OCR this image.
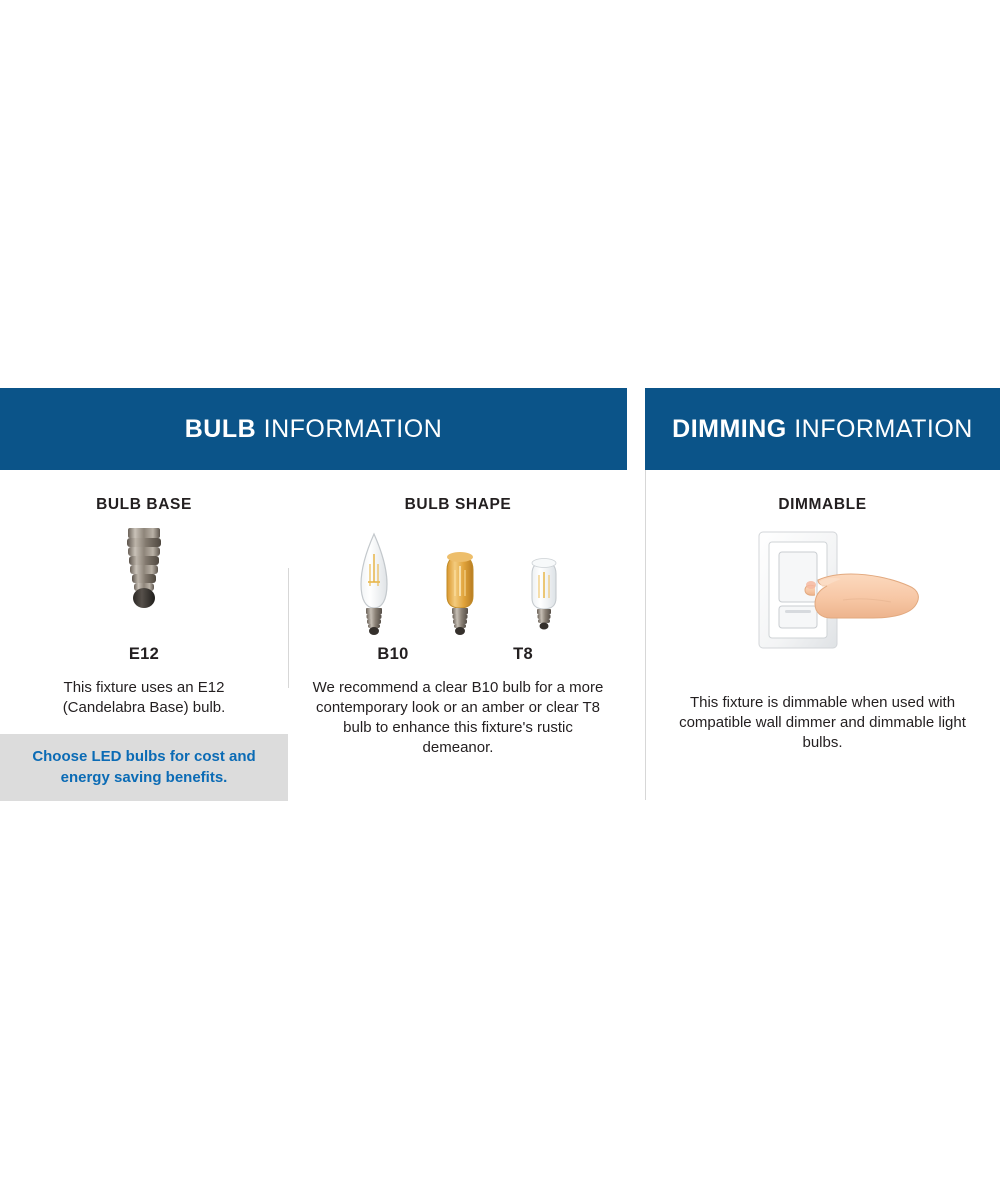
BULB INFORMATION	DIMMING INFORMATION
BULB BASE
E12
This fixture uses an E12 (Candelabra Base) bulb.
Choose LED bulbs for cost and energy saving benefits.
BULB SHAPE
B10	T8
We recommend a clear B10 bulb for a more contemporary look or an amber or clear T8 bulb to enhance this fixture's rustic demeanor.
DIMMABLE
This fixture is dimmable when used with compatible wall dimmer and dimmable light bulbs.
